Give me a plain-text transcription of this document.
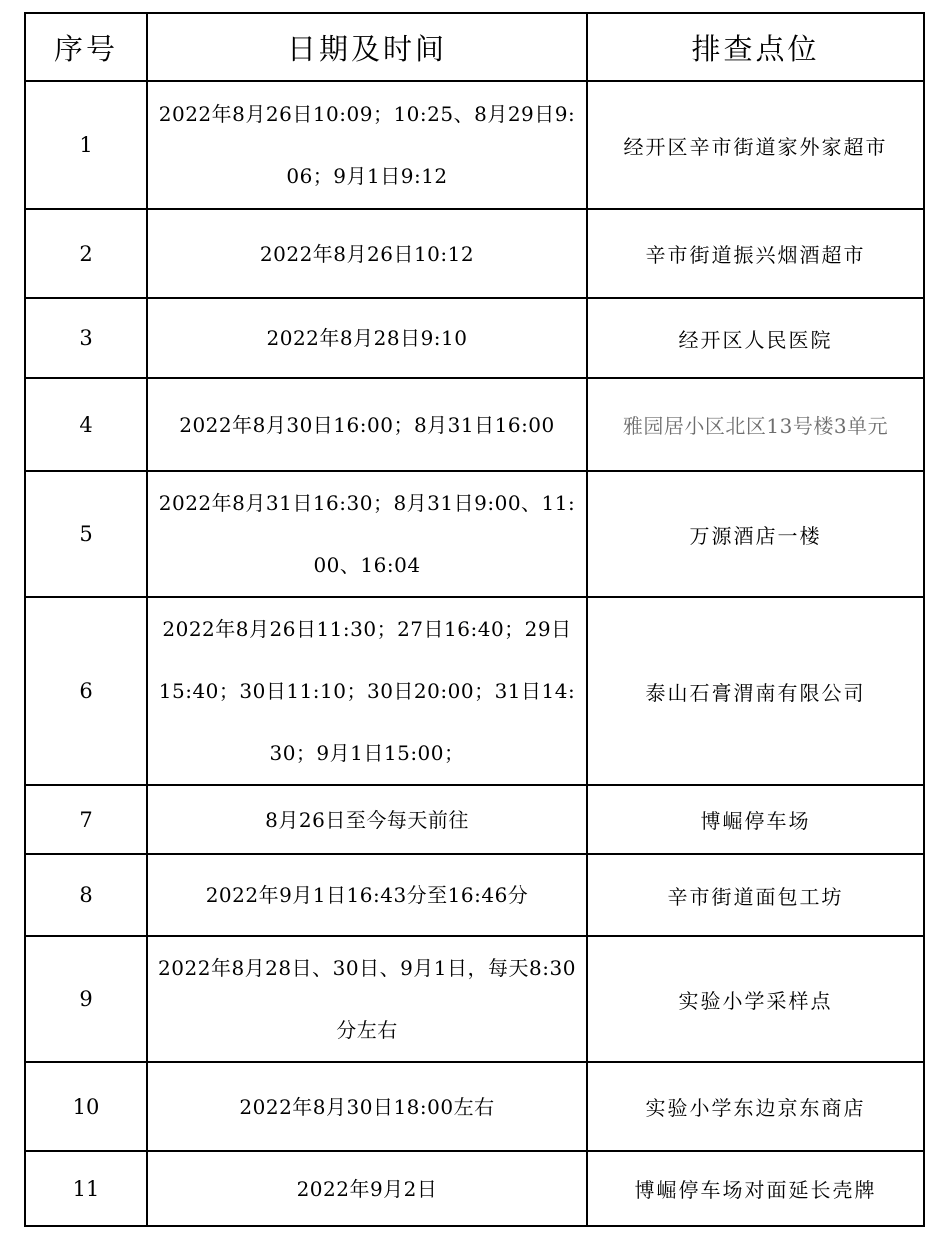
序号	日期及时间	排查点位
1	2022年8月26日10:09；10:25、8月29日9:06；9月1日9:12	经开区辛市街道家外家超市
2	2022年8月26日10:12	辛市街道振兴烟酒超市
3	2022年8月28日9:10	经开区人民医院
4	2022年8月30日16:00；8月31日16:00	雅园居小区北区13号楼3单元
5	2022年8月31日16:30；8月31日9:00、11:00、16:04	万源酒店一楼
6	2022年8月26日11:30；27日16:40；29日15:40；30日11:10；30日20:00；31日14:30；9月1日15:00；	泰山石膏渭南有限公司
7	8月26日至今每天前往	博崛停车场
8	2022年9月1日16:43分至16:46分	辛市街道面包工坊
9	2022年8月28日、30日、9月1日，每天8:30分左右	实验小学采样点
10	2022年8月30日18:00左右	实验小学东边京东商店
11	2022年9月2日	博崛停车场对面延长壳牌
